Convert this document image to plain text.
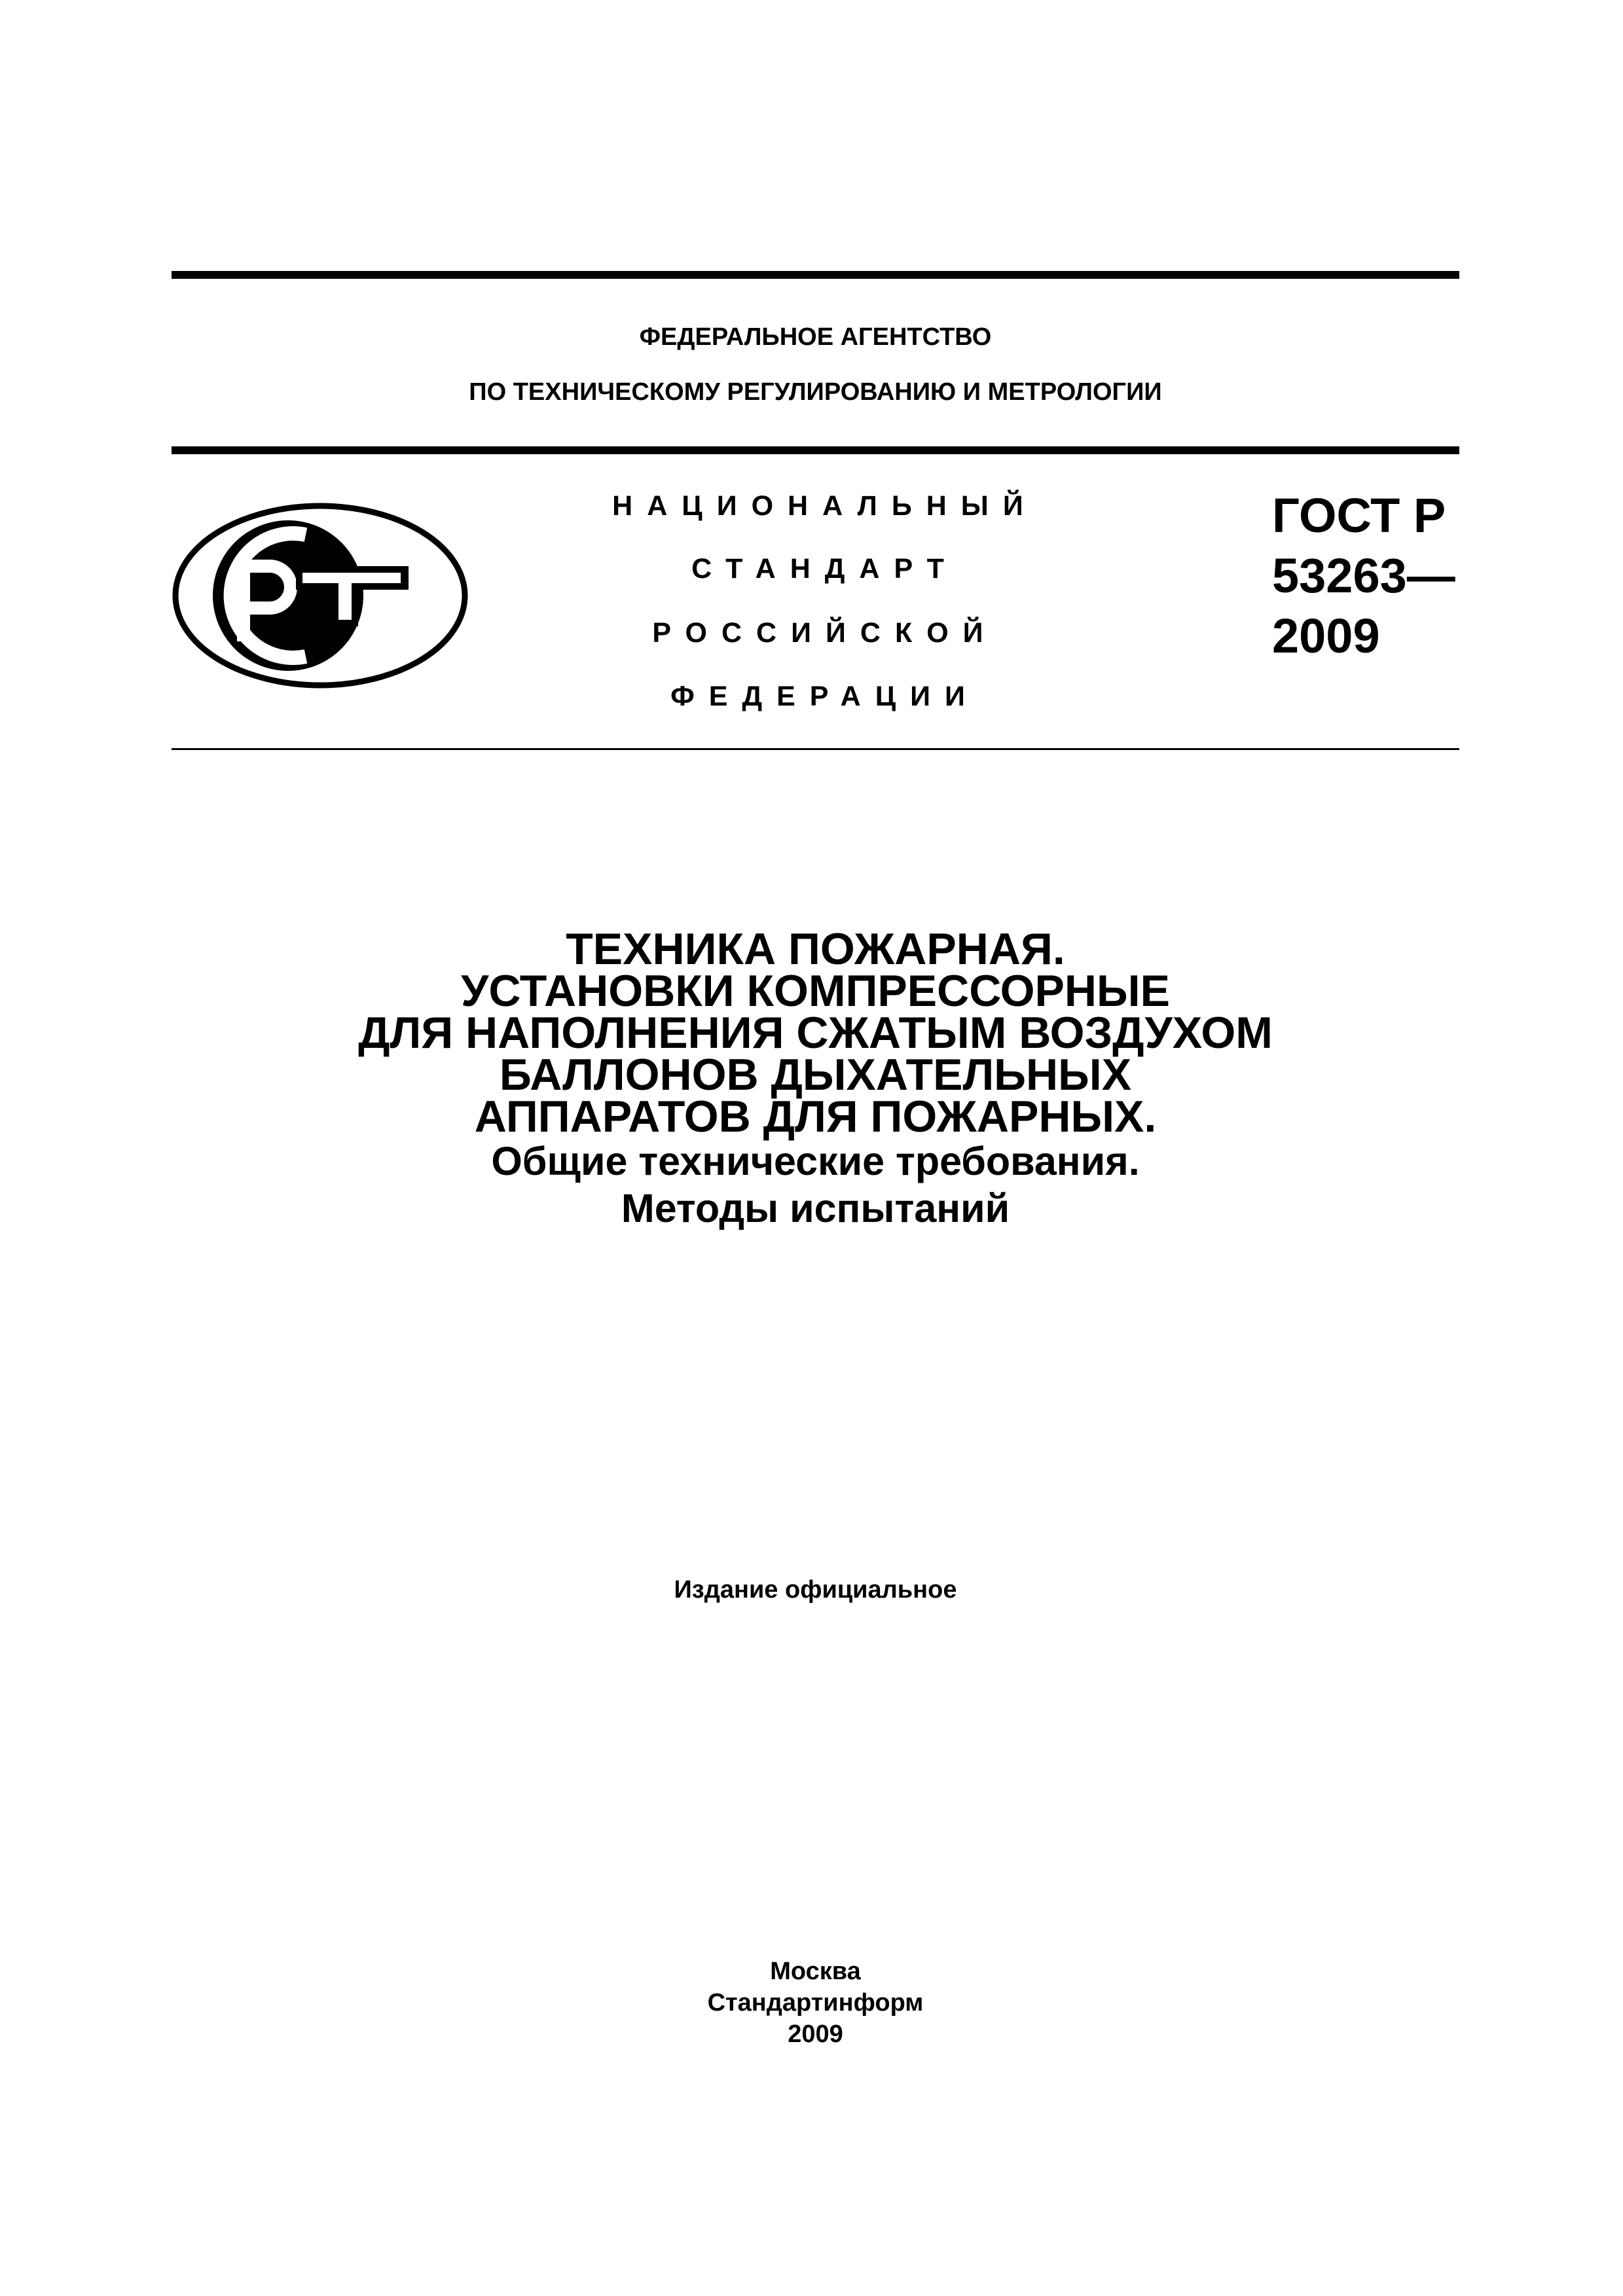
ФЕДЕРАЛЬНОЕ АГЕНТСТВО
ПО ТЕХНИЧЕСКОМУ РЕГУЛИРОВАНИЮ И МЕТРОЛОГИИ
НАЦИОНАЛЬНЫЙ
СТАНДАРТ
РОССИЙСКОЙ
ФЕДЕРАЦИИ
ГОСТ Р
53263—
2009
ТЕХНИКА ПОЖАРНАЯ.
УСТАНОВКИ КОМПРЕССОРНЫЕ
ДЛЯ НАПОЛНЕНИЯ СЖАТЫМ ВОЗДУХОМ
БАЛЛОНОВ ДЫХАТЕЛЬНЫХ
АППАРАТОВ ДЛЯ ПОЖАРНЫХ.
Общие технические требования.
Методы испытаний
Издание официальное
Москва
Стандартинформ
2009
